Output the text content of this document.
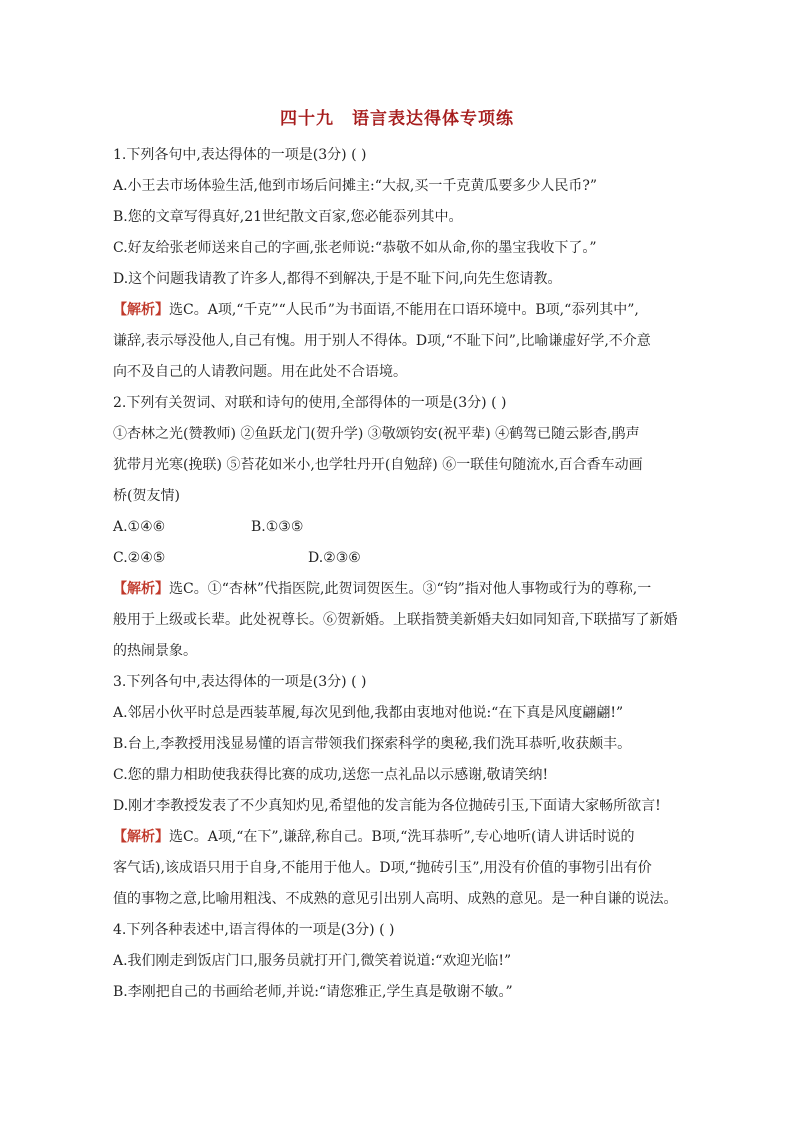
四十九 语言表达得体专项练

1.下列各句中,表达得体的一项是(3分) ( )

A.小王去市场体验生活,他到市场后问摊主:“大叔,买一千克黄瓜要多少人民币?”

B.您的文章写得真好,21世纪散文百家,您必能忝列其中。

C.好友给张老师送来自己的字画,张老师说:“恭敬不如从命,你的墨宝我收下了。”

D.这个问题我请教了许多人,都得不到解决,于是不耻下问,向先生您请教。

【解析】选C。A项,“千克”“人民币”为书面语,不能用在口语环境中。B项,“忝列其中”,

谦辞,表示辱没他人,自己有愧。用于别人不得体。D项,“不耻下问”,比喻谦虚好学,不介意

向不及自己的人请教问题。用在此处不合语境。

2.下列有关贺词、对联和诗句的使用,全部得体的一项是(3分) ( )

①杏林之光(赞教师) ②鱼跃龙门(贺升学) ③敬颂钧安(祝平辈) ④鹤驾已随云影杳,鹃声

犹带月光寒(挽联) ⑤苔花如米小,也学牡丹开(自勉辞) ⑥一联佳句随流水,百合香车动画

桥(贺友情)

A.①④⑥	B.①③⑤

C.②④⑤	D.②③⑥

【解析】选C。①“杏林”代指医院,此贺词贺医生。③“钧”指对他人事物或行为的尊称,一

般用于上级或长辈。此处祝尊长。⑥贺新婚。上联指赞美新婚夫妇如同知音,下联描写了新婚

的热闹景象。

3.下列各句中,表达得体的一项是(3分) ( )

A.邻居小伙平时总是西装革履,每次见到他,我都由衷地对他说:“在下真是风度翩翩!”

B.台上,李教授用浅显易懂的语言带领我们探索科学的奥秘,我们洗耳恭听,收获颇丰。

C.您的鼎力相助使我获得比赛的成功,送您一点礼品以示感谢,敬请笑纳!

D.刚才李教授发表了不少真知灼见,希望他的发言能为各位抛砖引玉,下面请大家畅所欲言!

【解析】选C。A项,“在下”,谦辞,称自己。B项,“洗耳恭听”,专心地听(请人讲话时说的

客气话),该成语只用于自身,不能用于他人。D项,“抛砖引玉”,用没有价值的事物引出有价

值的事物之意,比喻用粗浅、不成熟的意见引出别人高明、成熟的意见。是一种自谦的说法。

4.下列各种表述中,语言得体的一项是(3分) ( )

A.我们刚走到饭店门口,服务员就打开门,微笑着说道:“欢迎光临!”

B.李刚把自己的书画给老师,并说:“请您雅正,学生真是敬谢不敏。”
